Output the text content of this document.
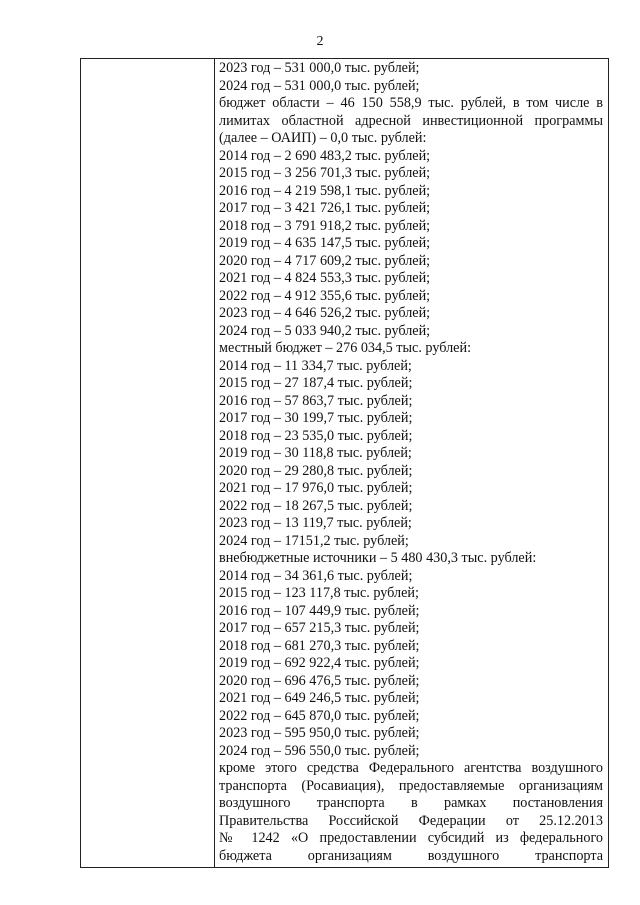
2
2023 год – 531 000,0 тыс. рублей;
2024 год – 531 000,0 тыс. рублей;
бюджет области – 46 150 558,9 тыс. рублей, в том числе в
лимитах областной адресной инвестиционной программы
(далее – ОАИП) – 0,0 тыс. рублей:
2014 год – 2 690 483,2 тыс. рублей;
2015 год – 3 256 701,3 тыс. рублей;
2016 год – 4 219 598,1 тыс. рублей;
2017 год – 3 421 726,1 тыс. рублей;
2018 год – 3 791 918,2 тыс. рублей;
2019 год – 4 635 147,5 тыс. рублей;
2020 год – 4 717 609,2 тыс. рублей;
2021 год – 4 824 553,3 тыс. рублей;
2022 год – 4 912 355,6 тыс. рублей;
2023 год – 4 646 526,2 тыс. рублей;
2024 год – 5 033 940,2 тыс. рублей;
местный бюджет – 276 034,5 тыс. рублей:
2014 год – 11 334,7 тыс. рублей;
2015 год – 27 187,4 тыс. рублей;
2016 год – 57 863,7 тыс. рублей;
2017 год – 30 199,7 тыс. рублей;
2018 год – 23 535,0 тыс. рублей;
2019 год – 30 118,8 тыс. рублей;
2020 год – 29 280,8 тыс. рублей;
2021 год – 17 976,0 тыс. рублей;
2022 год – 18 267,5 тыс. рублей;
2023 год – 13 119,7 тыс. рублей;
2024 год – 17151,2 тыс. рублей;
внебюджетные источники – 5 480 430,3 тыс. рублей:
2014 год – 34 361,6 тыс. рублей;
2015 год – 123 117,8 тыс. рублей;
2016 год – 107 449,9 тыс. рублей;
2017 год – 657 215,3 тыс. рублей;
2018 год – 681 270,3 тыс. рублей;
2019 год – 692 922,4 тыс. рублей;
2020 год – 696 476,5 тыс. рублей;
2021 год – 649 246,5 тыс. рублей;
2022 год – 645 870,0 тыс. рублей;
2023 год – 595 950,0 тыс. рублей;
2024 год – 596 550,0 тыс. рублей;
кроме этого средства Федерального агентства воздушного
транспорта (Росавиация), предоставляемые организациям
воздушного транспорта в рамках постановления
Правительства Российской Федерации от 25.12.2013
№ 1242 «О предоставлении субсидий из федерального
бюджета организациям воздушного транспорта
